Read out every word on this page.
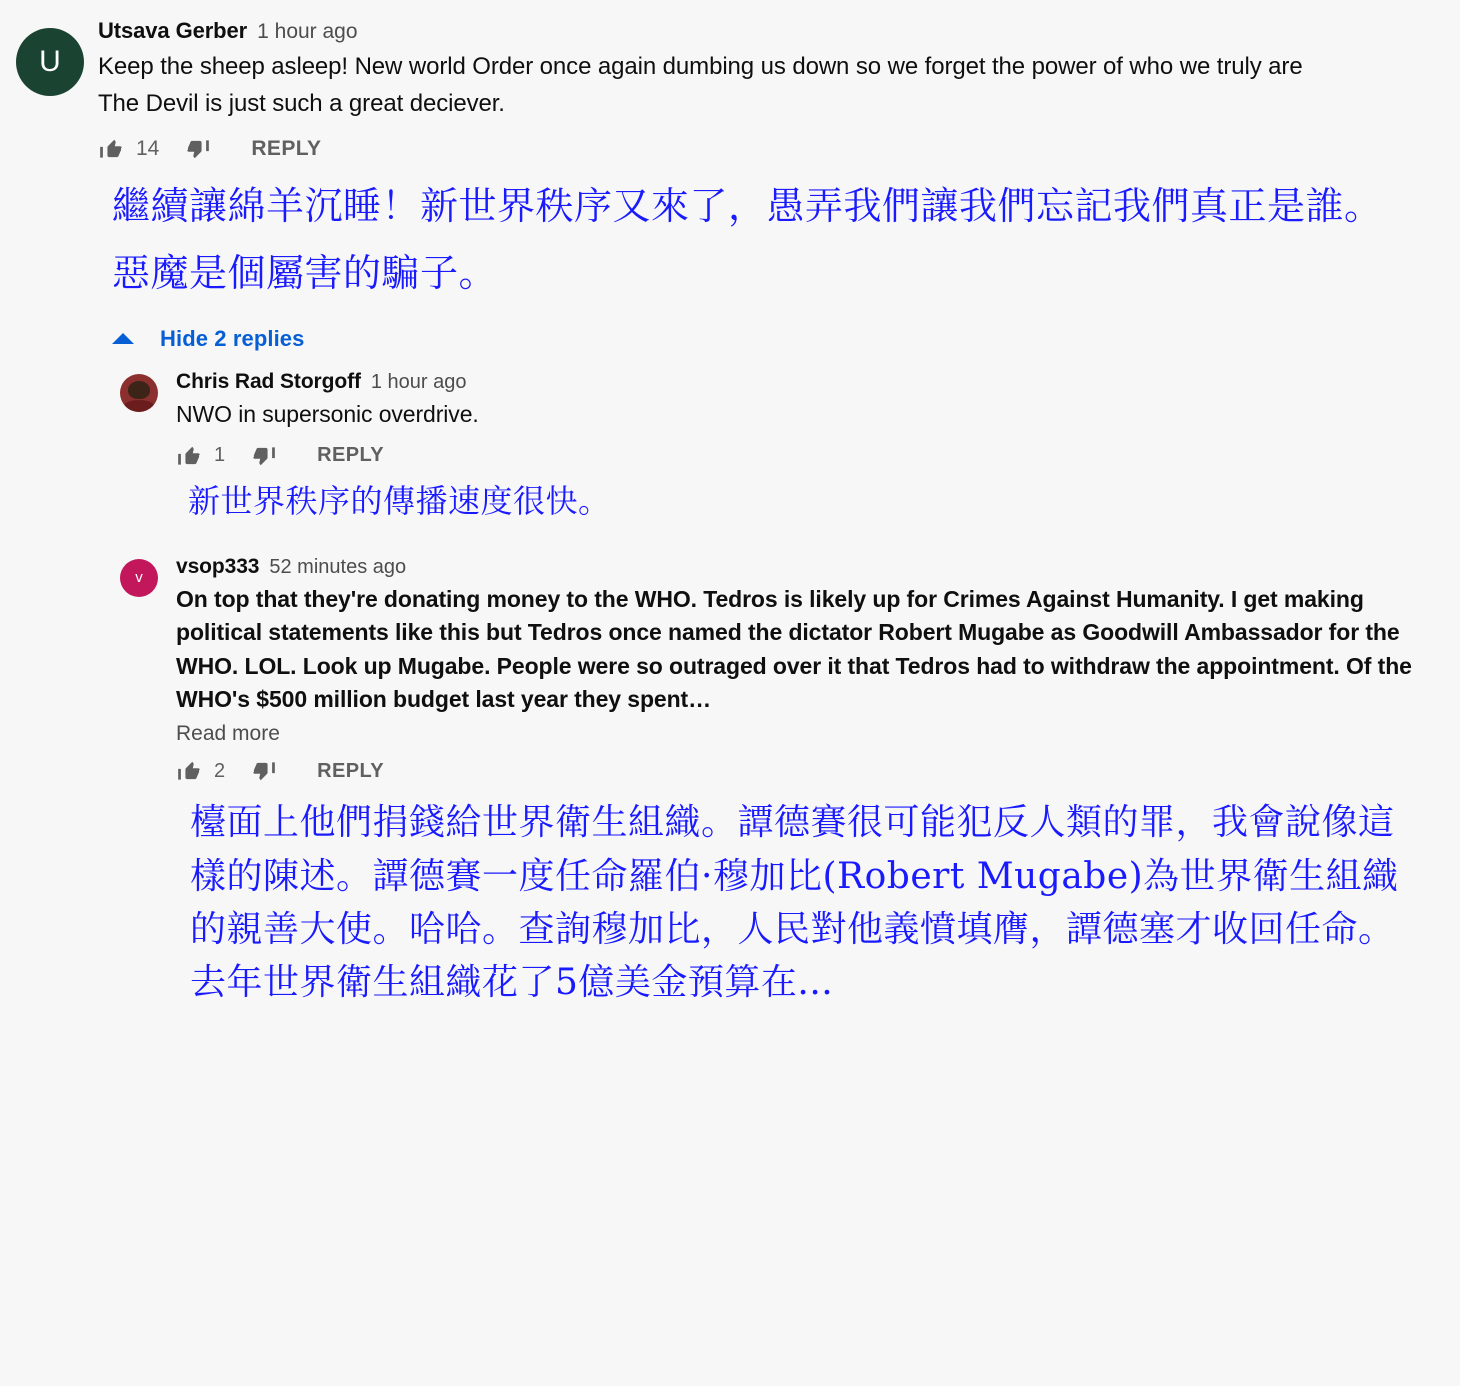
U
Utsava Gerber 1 hour ago
Keep the sheep asleep! New world Order once again dumbing us down so we forget the power of who we truly are
The Devil is just such a great deciever.
14	REPLY

繼續讓綿羊沉睡！新世界秩序又來了，愚弄我們讓我們忘記我們真正是誰。

惡魔是個屬害的騙子。

Hide 2 replies
Chris Rad Storgoff 1 hour ago
NWO in supersonic overdrive.
1	REPLY
新世界秩序的傳播速度很快。
v vsop333 52 minutes ago
On top that they're donating money to the WHO. Tedros is likely up for Crimes Against Humanity. I get making political statements like this but Tedros once named the dictator Robert Mugabe as Goodwill Ambassador for the WHO. LOL. Look up Mugabe. People were so outraged over it that Tedros had to withdraw the appointment. Of the WHO's $500 million budget last year they spent…
Read more
2	REPLY
檯面上他們捐錢給世界衛生組織。譚德賽很可能犯反人類的罪，我會說像這樣的陳述。譚德賽一度任命羅伯·穆加比(Robert Mugabe)為世界衛生組織的親善大使。哈哈。查詢穆加比，人民對他義憤填膺，譚德塞才收回任命。去年世界衛生組織花了5億美金預算在...
